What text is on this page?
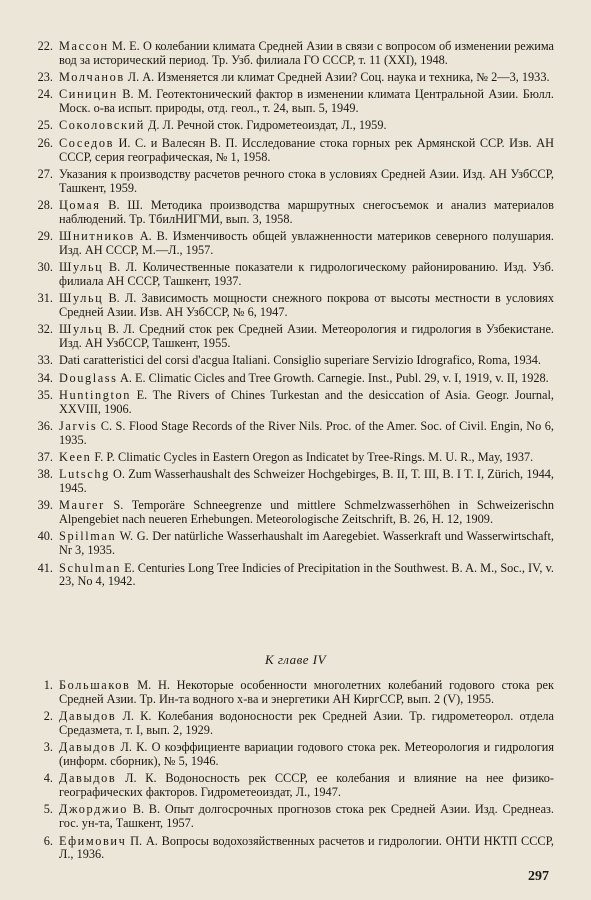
22. Массон М. Е. О колебании климата Средней Азии в связи с вопросом об изменении режима вод за исторический период. Тр. Узб. филиала ГО СССР, т. 11 (XXI), 1948.
23. Молчанов Л. А. Изменяется ли климат Средней Азии? Соц. наука и техника, № 2—3, 1933.
24. Синицин В. М. Геотектонический фактор в изменении климата Центральной Азии. Бюлл. Моск. о-ва испыт. природы, отд. геол., т. 24, вып. 5, 1949.
25. Соколовский Д. Л. Речной сток. Гидрометеоиздат, Л., 1959.
26. Соседов И. С. и Валесян В. П. Исследование стока горных рек Армянской ССР. Изв. АН СССР, серия географическая, № 1, 1958.
27. Указания к производству расчетов речного стока в условиях Средней Азии. Изд. АН УзбССР, Ташкент, 1959.
28. Цомая В. Ш. Методика производства маршрутных снегосъемок и анализ материалов наблюдений. Тр. ТбилНИГМИ, вып. 3, 1958.
29. Шнитников А. В. Изменчивость общей увлажненности материков северного полушария. Изд. АН СССР, М.—Л., 1957.
30. Шульц В. Л. Количественные показатели к гидрологическому районированию. Изд. Узб. филиала АН СССР, Ташкент, 1937.
31. Шульц В. Л. Зависимость мощности снежного покрова от высоты местности в условиях Средней Азии. Изв. АН УзбССР, № 6, 1947.
32. Шульц В. Л. Средний сток рек Средней Азии. Метеорология и гидрология в Узбекистане. Изд. АН УзбССР, Ташкент, 1955.
33. Dati caratteristici del corsi d'acgua Italiani. Consiglio superiare Servizio Idrografico, Roma, 1934.
34. Douglass A. E. Climatic Cicles and Tree Growth. Carnegie. Inst., Publ. 29, v. I, 1919, v. II, 1928.
35. Huntington E. The Rivers of Chines Turkestan and the desiccation of Asia. Geogr. Journal, XXVIII, 1906.
36. Jarvis C. S. Flood Stage Records of the River Nils. Proc. of the Amer. Soc. of Civil. Engin, No 6, 1935.
37. Keen F. P. Climatic Cycles in Eastern Oregon as Indicatet by Tree-Rings. M. U. R., May, 1937.
38. Lutschg O. Zum Wasserhaushalt des Schweizer Hochgebirges, B. II, T. III, B. I T. I, Zürich, 1944, 1945.
39. Maurer S. Temporäre Schneegrenze und mittlere Schmelzwasserhöhen in Schweizerischn Alpengebiet nach neueren Erhebungen. Meteorologische Zeitschrift, B. 26, H. 12, 1909.
40. Spillman W. G. Der natürliche Wasserhaushalt im Aaregebiet. Wasserkraft und Wasserwirtschaft, Nr 3, 1935.
41. Schulman E. Centuries Long Tree Indicies of Precipitation in the Southwest. B. A. M., Soc., IV, v. 23, No 4, 1942.
К главе IV
1. Большаков М. Н. Некоторые особенности многолетних колебаний годового стока рек Средней Азии. Тр. Ин-та водного х-ва и энергетики АН КиргССР, вып. 2 (V), 1955.
2. Давыдов Л. К. Колебания водоносности рек Средней Азии. Тр. гидрометеорол. отдела Средазмета, т. I, вып. 2, 1929.
3. Давыдов Л. К. О коэффициенте вариации годового стока рек. Метеорология и гидрология (информ. сборник), № 5, 1946.
4. Давыдов Л. К. Водоносность рек СССР, ее колебания и влияние на нее физико-географических факторов. Гидрометеоиздат, Л., 1947.
5. Джорджио В. В. Опыт долгосрочных прогнозов стока рек Средней Азии. Изд. Среднеаз. гос. ун-та, Ташкент, 1957.
6. Ефимович П. А. Вопросы водохозяйственных расчетов и гидрологии. ОНТИ НКТП СССР, Л., 1936.
297
